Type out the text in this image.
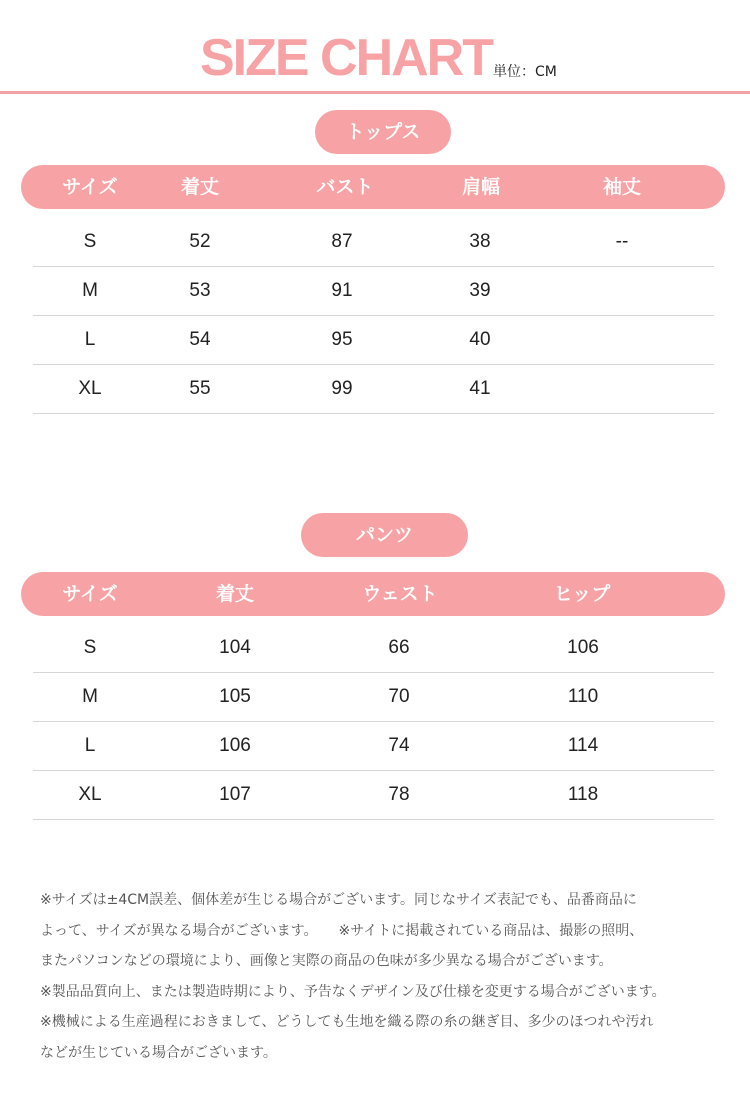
SIZE CHART 単位：CM
トップス
サイズ	着丈	バスト	肩幅	袖丈
S	52	87	38	--
M	53	91	39
L	54	95	40
XL	55	99	41
パンツ
サイズ	着丈	ウェスト	ヒップ
S	104	66	106
M	105	70	110
L	106	74	114
XL	107	78	118
※サイズは±4CM誤差、個体差が生じる場合がございます。同じなサイズ表記でも、品番商品に
よって、サイズが異なる場合がございます。　　※サイトに掲載されている商品は、撮影の照明、
またパソコンなどの環境により、画像と実際の商品の色味が多少異なる場合がございます。
※製品品質向上、または製造時期により、予告なくデザイン及び仕様を変更する場合がございます。
※機械による生産過程におきまして、どうしても生地を織る際の糸の継ぎ目、多少のほつれや汚れ
などが生じている場合がございます。
